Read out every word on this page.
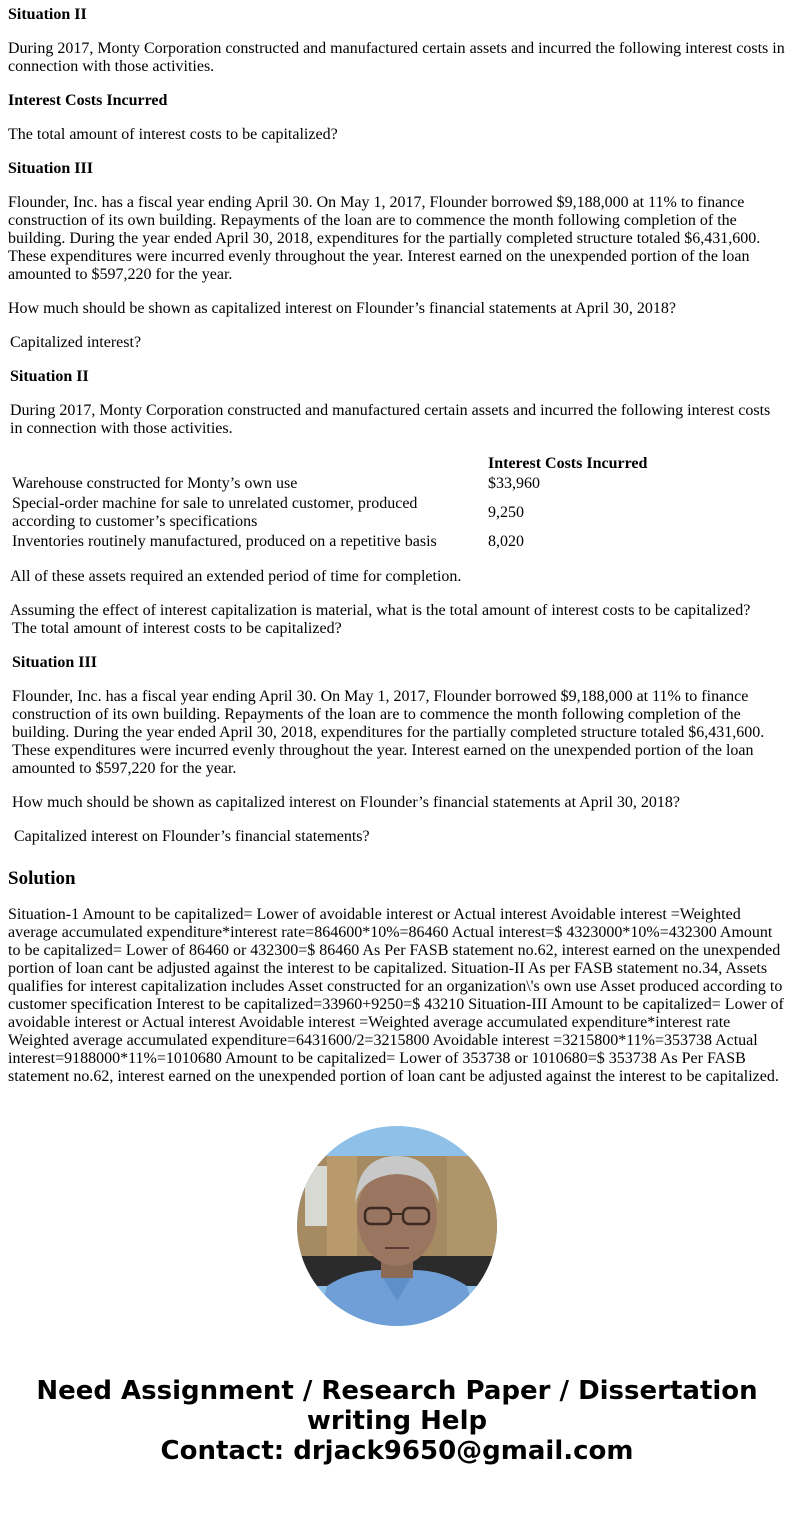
Situation II

During 2017, Monty Corporation constructed and manufactured certain assets and incurred the following interest costs in connection with those activities.

Interest Costs Incurred

The total amount of interest costs to be capitalized?

Situation III

Flounder, Inc. has a fiscal year ending April 30. On May 1, 2017, Flounder borrowed $9,188,000 at 11% to finance construction of its own building. Repayments of the loan are to commence the month following completion of the building. During the year ended April 30, 2018, expenditures for the partially completed structure totaled $6,431,600. These expenditures were incurred evenly throughout the year. Interest earned on the unexpended portion of the loan amounted to $597,220 for the year.

How much should be shown as capitalized interest on Flounder’s financial statements at April 30, 2018?

Capitalized interest?

Situation II

During 2017, Monty Corporation constructed and manufactured certain assets and incurred the following interest costs in connection with those activities.

	Interest Costs Incurred
Warehouse constructed for Monty’s own use	$33,960
Special-order machine for sale to unrelated customer, produced according to customer’s specifications	9,250
Inventories routinely manufactured, produced on a repetitive basis	8,020

All of these assets required an extended period of time for completion.

Assuming the effect of interest capitalization is material, what is the total amount of interest costs to be capitalized?

The total amount of interest costs to be capitalized?

Situation III

Flounder, Inc. has a fiscal year ending April 30. On May 1, 2017, Flounder borrowed $9,188,000 at 11% to finance construction of its own building. Repayments of the loan are to commence the month following completion of the building. During the year ended April 30, 2018, expenditures for the partially completed structure totaled $6,431,600. These expenditures were incurred evenly throughout the year. Interest earned on the unexpended portion of the loan amounted to $597,220 for the year.

How much should be shown as capitalized interest on Flounder’s financial statements at April 30, 2018?

Capitalized interest on Flounder’s financial statements?

Solution

Situation-1 Amount to be capitalized= Lower of avoidable interest or Actual interest Avoidable interest =Weighted average accumulated expenditure*interest rate=864600*10%=86460 Actual interest=$ 4323000*10%=432300 Amount to be capitalized= Lower of 86460 or 432300=$ 86460 As Per FASB statement no.62, interest earned on the unexpended portion of loan cant be adjusted against the interest to be capitalized. Situation-II As per FASB statement no.34, Assets qualifies for interest capitalization includes Asset constructed for an organization\'s own use Asset produced according to customer specification Interest to be capitalized=33960+9250=$ 43210 Situation-III Amount to be capitalized= Lower of avoidable interest or Actual interest Avoidable interest =Weighted average accumulated expenditure*interest rate Weighted average accumulated expenditure=6431600/2=3215800 Avoidable interest =3215800*11%=353738 Actual interest=9188000*11%=1010680 Amount to be capitalized= Lower of 353738 or 1010680=$ 353738 As Per FASB statement no.62, interest earned on the unexpended portion of loan cant be adjusted against the interest to be capitalized.

Need Assignment / Research Paper / Dissertation writing Help
Contact: drjack9650@gmail.com
